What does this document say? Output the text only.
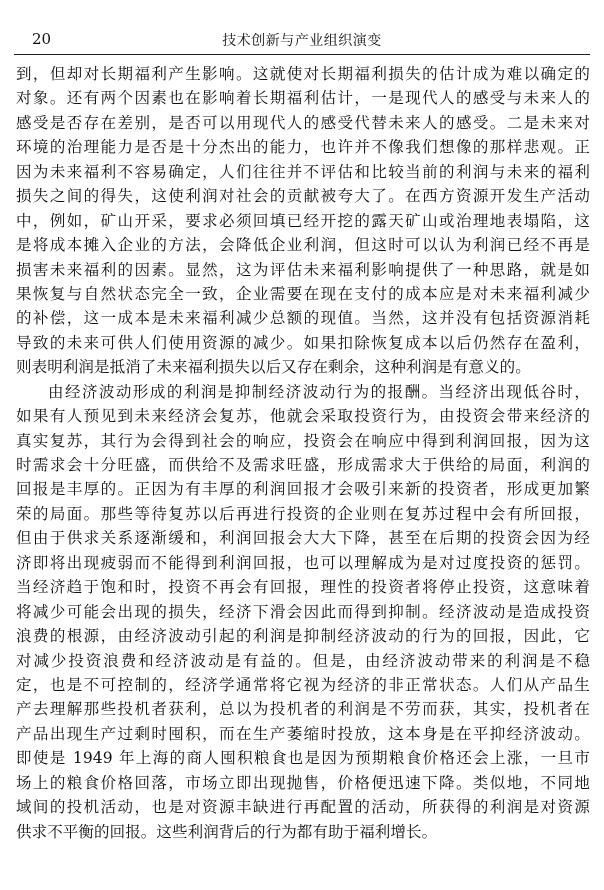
20	技术创新与产业组织演变
到，但却对长期福利产生影响。这就使对长期福利损失的估计成为难以确定的
对象。还有两个因素也在影响着长期福利估计，一是现代人的感受与未来人的
感受是否存在差别，是否可以用现代人的感受代替未来人的感受。二是未来对
环境的治理能力是否是十分杰出的能力，也许并不像我们想像的那样悲观。正
因为未来福利不容易确定，人们往往并不评估和比较当前的利润与未来的福利
损失之间的得失，这使利润对社会的贡献被夸大了。在西方资源开发生产活动
中，例如，矿山开采，要求必须回填已经开挖的露天矿山或治理地表塌陷，这
是将成本摊入企业的方法，会降低企业利润，但这时可以认为利润已经不再是
损害未来福利的因素。显然，这为评估未来福利影响提供了一种思路，就是如
果恢复与自然状态完全一致，企业需要在现在支付的成本应是对未来福利减少
的补偿，这一成本是未来福利减少总额的现值。当然，这并没有包括资源消耗
导致的未来可供人们使用资源的减少。如果扣除恢复成本以后仍然存在盈利，
则表明利润是抵消了未来福利损失以后又存在剩余，这种利润是有意义的。
由经济波动形成的利润是抑制经济波动行为的报酬。当经济出现低谷时，
如果有人预见到未来经济会复苏，他就会采取投资行为，由投资会带来经济的
真实复苏，其行为会得到社会的响应，投资会在响应中得到利润回报，因为这
时需求会十分旺盛，而供给不及需求旺盛，形成需求大于供给的局面，利润的
回报是丰厚的。正因为有丰厚的利润回报才会吸引来新的投资者，形成更加繁
荣的局面。那些等待复苏以后再进行投资的企业则在复苏过程中会有所回报，
但由于供求关系逐渐缓和，利润回报会大大下降，甚至在后期的投资会因为经
济即将出现疲弱而不能得到利润回报，也可以理解成为是对过度投资的惩罚。
当经济趋于饱和时，投资不再会有回报，理性的投资者将停止投资，这意味着
将减少可能会出现的损失，经济下滑会因此而得到抑制。经济波动是造成投资
浪费的根源，由经济波动引起的利润是抑制经济波动的行为的回报，因此，它
对减少投资浪费和经济波动是有益的。但是，由经济波动带来的利润是不稳
定，也是不可控制的，经济学通常将它视为经济的非正常状态。人们从产品生
产去理解那些投机者获利，总以为投机者的利润是不劳而获，其实，投机者在
产品出现生产过剩时囤积，而在生产萎缩时投放，这本身是在平抑经济波动。
即使是 1949 年上海的商人囤积粮食也是因为预期粮食价格还会上涨，一旦市
场上的粮食价格回落，市场立即出现抛售，价格便迅速下降。类似地，不同地
域间的投机活动，也是对资源丰缺进行再配置的活动，所获得的利润是对资源
供求不平衡的回报。这些利润背后的行为都有助于福利增长。
